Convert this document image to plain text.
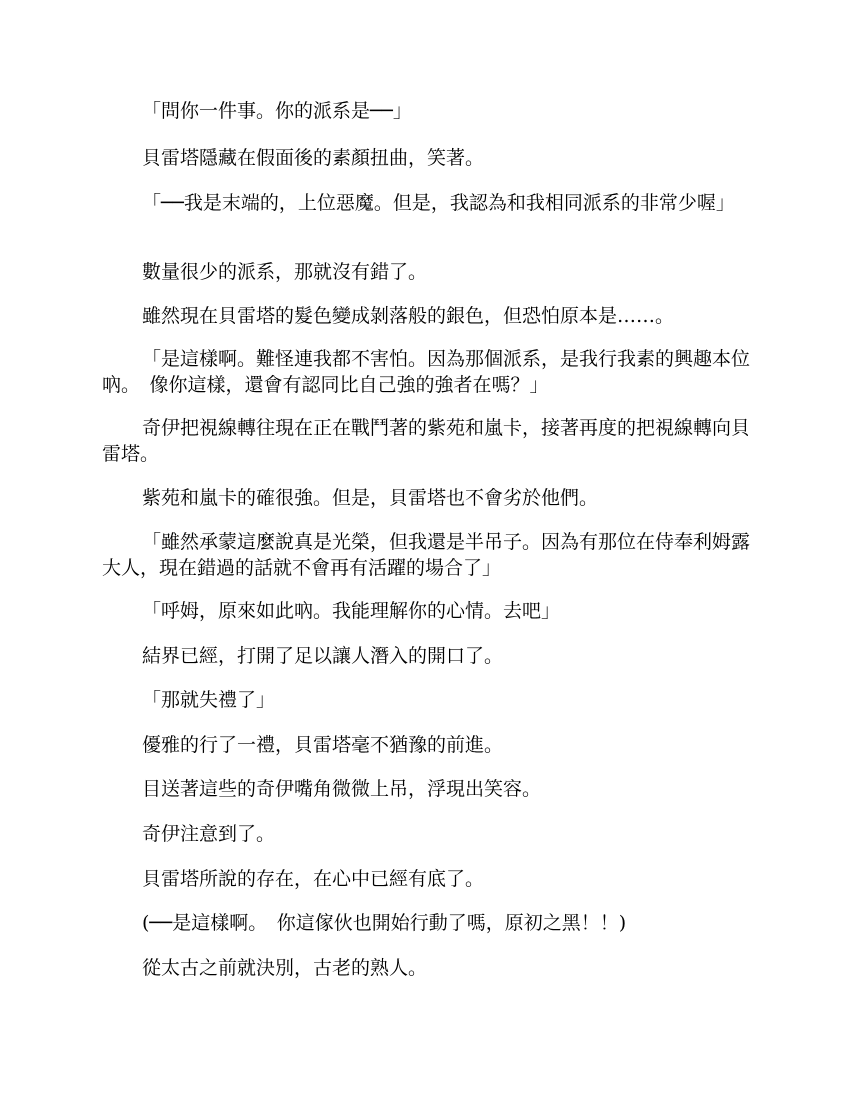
「問你一件事。你的派系是──」

貝雷塔隱藏在假面後的素顏扭曲，笑著。

「──我是末端的，上位惡魔。但是，我認為和我相同派系的非常少喔」

數量很少的派系，那就沒有錯了。

雖然現在貝雷塔的髮色變成剝落般的銀色，但恐怕原本是……。

「是這樣啊。難怪連我都不害怕。因為那個派系，是我行我素的興趣本位吶。　像你這樣，還會有認同比自己強的強者在嗎？」

奇伊把視線轉往現在正在戰鬥著的紫苑和嵐卡，接著再度的把視線轉向貝雷塔。

紫苑和嵐卡的確很強。但是，貝雷塔也不會劣於他們。

「雖然承蒙這麼說真是光榮，但我還是半吊子。因為有那位在侍奉利姆露大人，現在錯過的話就不會再有活躍的場合了」

「呼姆，原來如此吶。我能理解你的心情。去吧」

結界已經，打開了足以讓人潛入的開口了。

「那就失禮了」

優雅的行了一禮，貝雷塔毫不猶豫的前進。

目送著這些的奇伊嘴角微微上吊，浮現出笑容。

奇伊注意到了。

貝雷塔所說的存在，在心中已經有底了。

(──是這樣啊。　你這傢伙也開始行動了嗎，原初之黑！！)

從太古之前就決別，古老的熟人。
